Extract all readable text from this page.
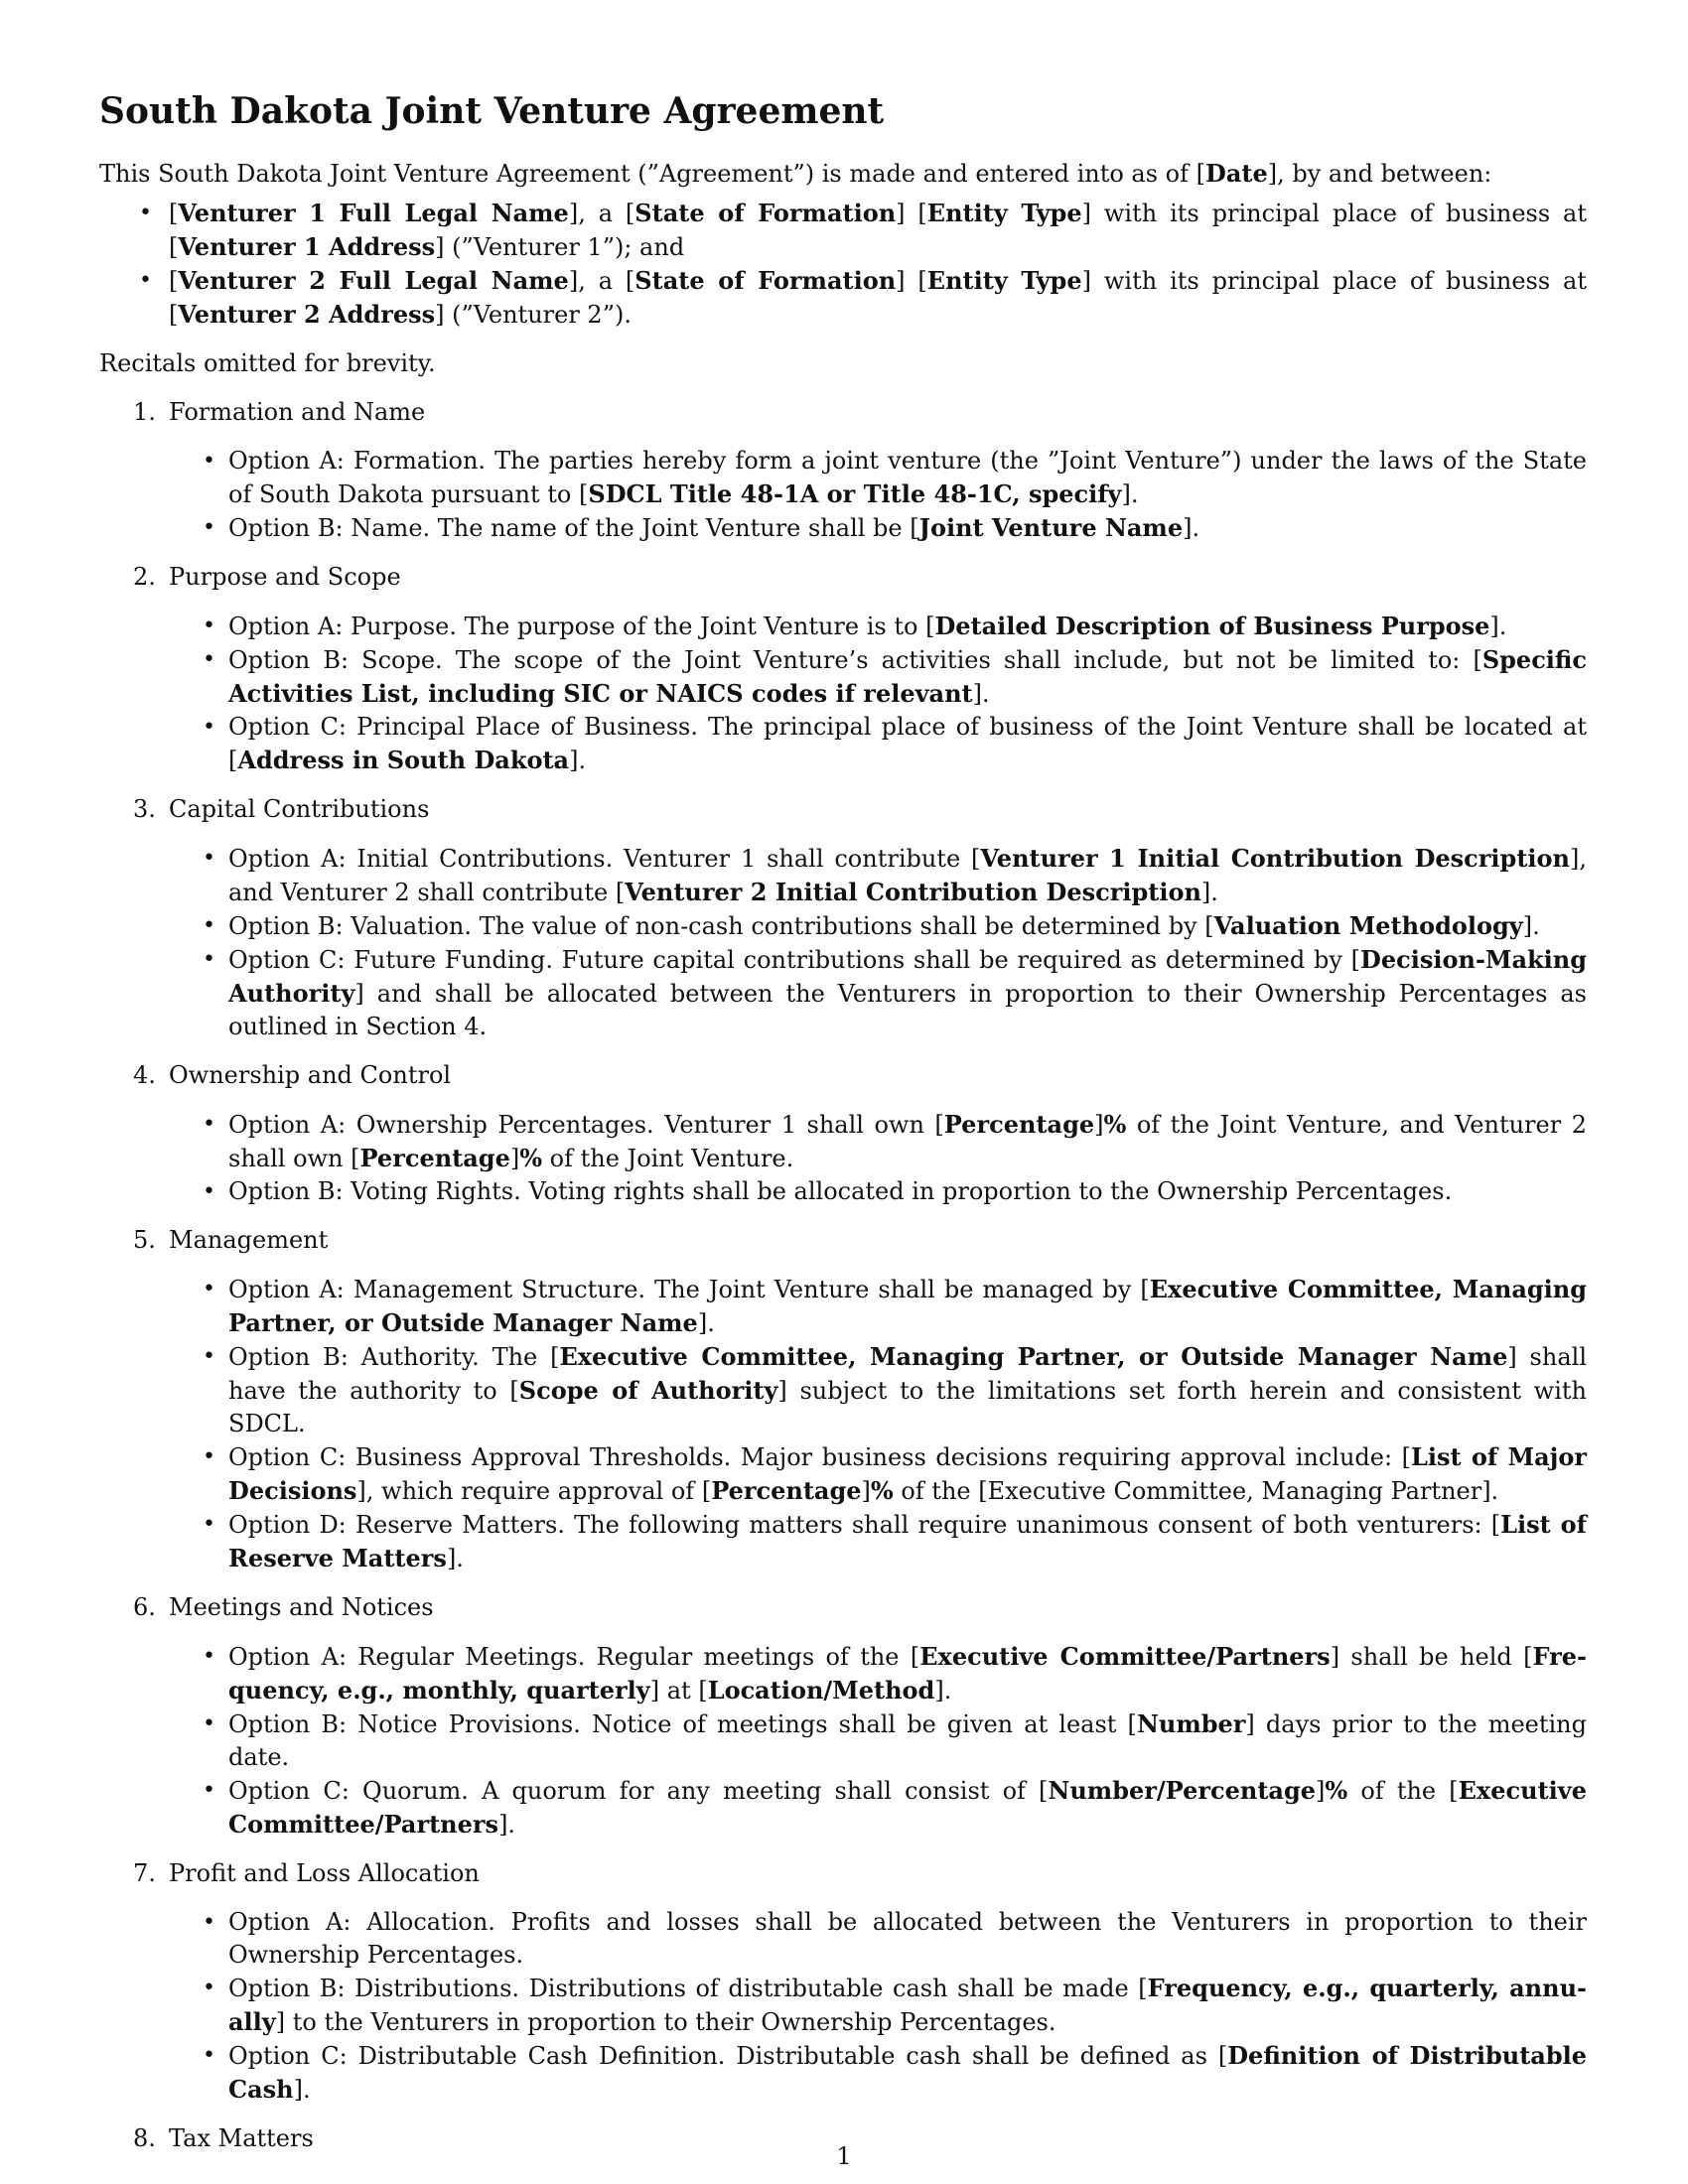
South Dakota Joint Venture Agreement

This South Dakota Joint Venture Agreement (”Agreement”) is made and entered into as of [Date], by and between:

• [Venturer 1 Full Legal Name], a [State of Formation] [Entity Type] with its principal place of business at [Venturer 1 Address] (”Venturer 1”); and
• [Venturer 2 Full Legal Name], a [State of Formation] [Entity Type] with its principal place of business at [Venturer 2 Address] (”Venturer 2”).

Recitals omitted for brevity.

1. Formation and Name
• Option A: Formation. The parties hereby form a joint venture (the ”Joint Venture”) under the laws of the State of South Dakota pursuant to [SDCL Title 48-1A or Title 48-1C, specify].
• Option B: Name. The name of the Joint Venture shall be [Joint Venture Name].
2. Purpose and Scope
• Option A: Purpose. The purpose of the Joint Venture is to [Detailed Description of Business Purpose].
• Option B: Scope. The scope of the Joint Venture’s activities shall include, but not be limited to: [Specific Activities List, including SIC or NAICS codes if relevant].
• Option C: Principal Place of Business. The principal place of business of the Joint Venture shall be located at [Address in South Dakota].
3. Capital Contributions
• Option A: Initial Contributions. Venturer 1 shall contribute [Venturer 1 Initial Contribution Description], and Venturer 2 shall contribute [Venturer 2 Initial Contribution Description].
• Option B: Valuation. The value of non-cash contributions shall be determined by [Valuation Methodology].
• Option C: Future Funding. Future capital contributions shall be required as determined by [Decision-Making Authority] and shall be allocated between the Venturers in proportion to their Ownership Percentages as outlined in Section 4.
4. Ownership and Control
• Option A: Ownership Percentages. Venturer 1 shall own [Percentage]% of the Joint Venture, and Venturer 2 shall own [Percentage]% of the Joint Venture.
• Option B: Voting Rights. Voting rights shall be allocated in proportion to the Ownership Percentages.
5. Management
• Option A: Management Structure. The Joint Venture shall be managed by [Executive Committee, Managing Partner, or Outside Manager Name].
• Option B: Authority. The [Executive Committee, Managing Partner, or Outside Manager Name] shall have the authority to [Scope of Authority] subject to the limitations set forth herein and consistent with SDCL.
• Option C: Business Approval Thresholds. Major business decisions requiring approval include: [List of Major Decisions], which require approval of [Percentage]% of the [Executive Committee, Managing Partner].
• Option D: Reserve Matters. The following matters shall require unanimous consent of both venturers: [List of Reserve Matters].
6. Meetings and Notices
• Option A: Regular Meetings. Regular meetings of the [Executive Committee/Partners] shall be held [Frequency, e.g., monthly, quarterly] at [Location/Method].
• Option B: Notice Provisions. Notice of meetings shall be given at least [Number] days prior to the meeting date.
• Option C: Quorum. A quorum for any meeting shall consist of [Number/Percentage]% of the [Executive Committee/Partners].
7. Profit and Loss Allocation
• Option A: Allocation. Profits and losses shall be allocated between the Venturers in proportion to their Ownership Percentages.
• Option B: Distributions. Distributions of distributable cash shall be made [Frequency, e.g., quarterly, annually] to the Venturers in proportion to their Ownership Percentages.
• Option C: Distributable Cash Definition. Distributable cash shall be defined as [Definition of Distributable Cash].
8. Tax Matters
1
